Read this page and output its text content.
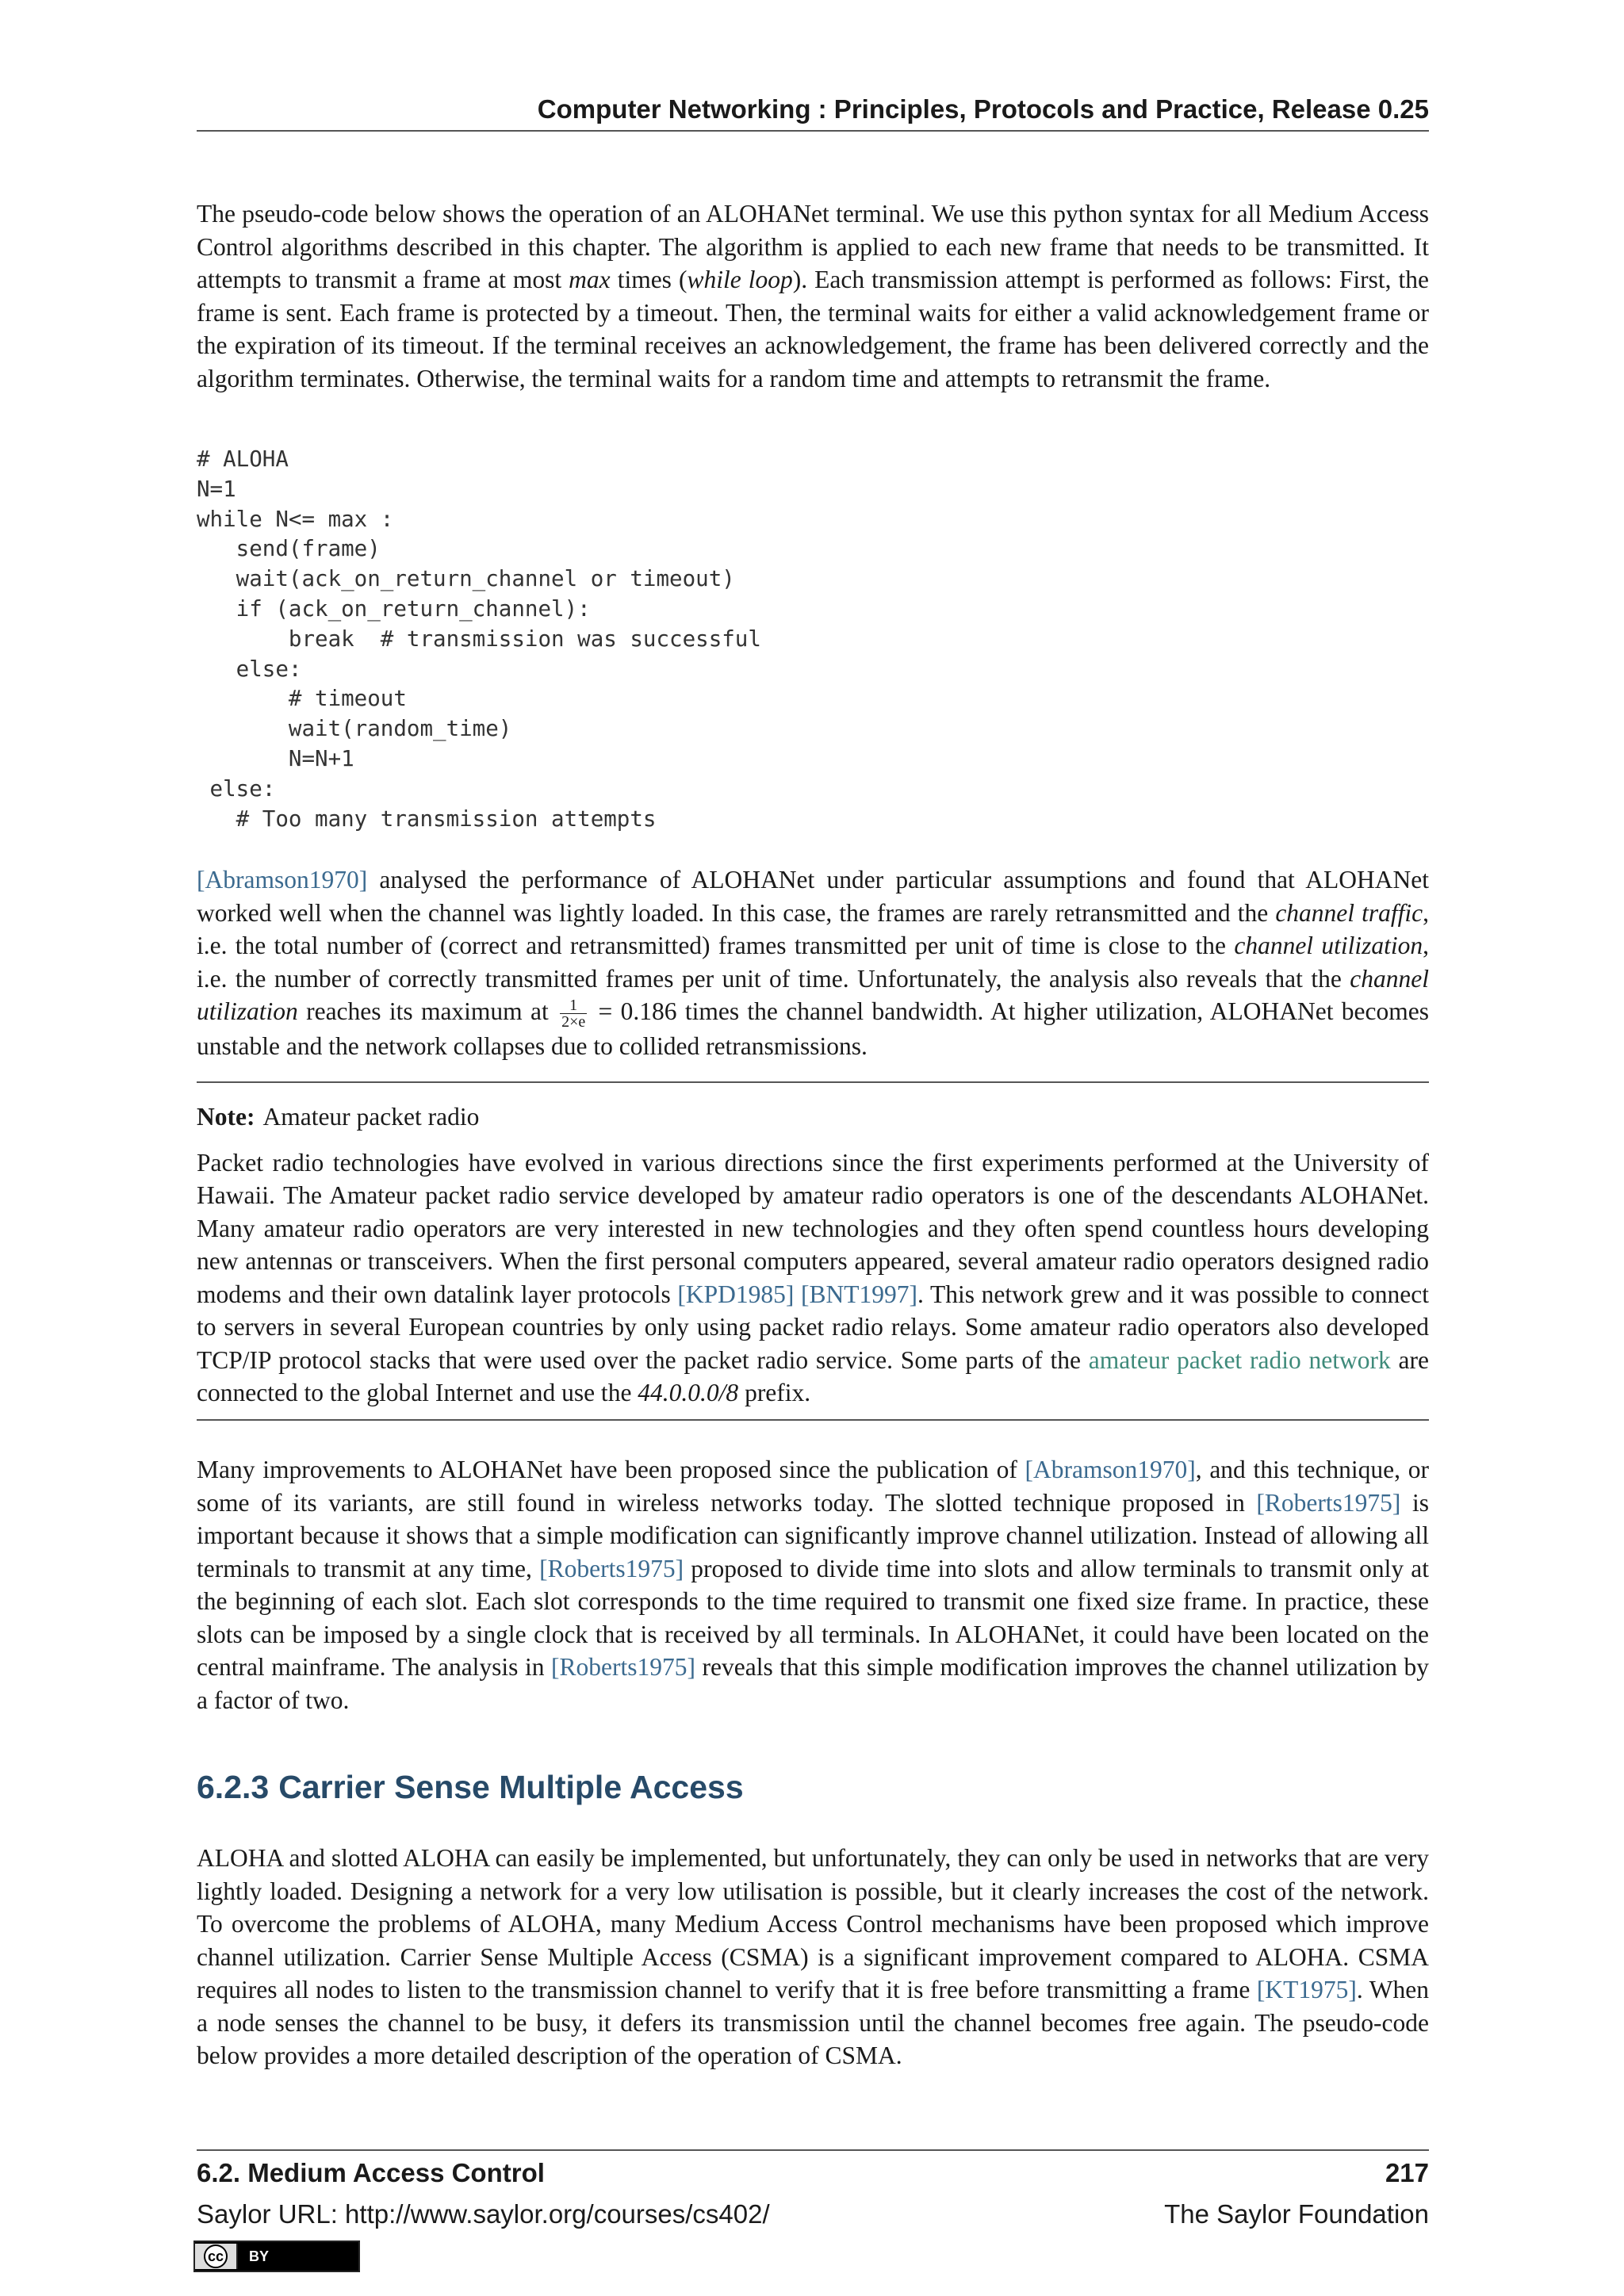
Computer Networking : Principles, Protocols and Practice, Release 0.25

The pseudo-code below shows the operation of an ALOHANet terminal. We use this python syntax for all Medium Access Control algorithms described in this chapter. The algorithm is applied to each new frame that needs to be transmitted. It attempts to transmit a frame at most max times (while loop). Each transmission attempt is performed as follows: First, the frame is sent. Each frame is protected by a timeout. Then, the terminal waits for either a valid acknowledgement frame or the expiration of its timeout. If the terminal receives an acknowledgement, the frame has been delivered correctly and the algorithm terminates. Otherwise, the terminal waits for a random time and attempts to retransmit the frame.

# ALOHA
N=1
while N<= max :
send(frame)
wait(ack_on_return_channel or timeout)
if (ack_on_return_channel):
break  # transmission was successful
else:
# timeout
wait(random_time)
N=N+1
else:
# Too many transmission attempts

[Abramson1970] analysed the performance of ALOHANet under particular assumptions and found that ALOHANet worked well when the channel was lightly loaded. In this case, the frames are rarely retransmitted and the channel traffic, i.e. the total number of (correct and retransmitted) frames transmitted per unit of time is close to the channel utilization, i.e. the number of correctly transmitted frames per unit of time. Unfortunately, the analysis also reveals that the channel utilization reaches its maximum at $\frac{1}{2\times e} = 0.186$ times the channel bandwidth. At higher utilization, ALOHANet becomes unstable and the network collapses due to collided retransmissions.

Note: Amateur packet radio

Packet radio technologies have evolved in various directions since the first experiments performed at the University of Hawaii. The Amateur packet radio service developed by amateur radio operators is one of the descendants ALOHANet. Many amateur radio operators are very interested in new technologies and they often spend countless hours developing new antennas or transceivers. When the first personal computers appeared, several amateur radio operators designed radio modems and their own datalink layer protocols [KPD1985] [BNT1997]. This network grew and it was possible to connect to servers in several European countries by only using packet radio relays. Some amateur radio operators also developed TCP/IP protocol stacks that were used over the packet radio service. Some parts of the amateur packet radio network are connected to the global Internet and use the 44.0.0.0/8 prefix.

Many improvements to ALOHANet have been proposed since the publication of [Abramson1970], and this technique, or some of its variants, are still found in wireless networks today. The slotted technique proposed in [Roberts1975] is important because it shows that a simple modification can significantly improve channel utilization. Instead of allowing all terminals to transmit at any time, [Roberts1975] proposed to divide time into slots and allow terminals to transmit only at the beginning of each slot. Each slot corresponds to the time required to transmit one fixed size frame. In practice, these slots can be imposed by a single clock that is received by all terminals. In ALOHANet, it could have been located on the central mainframe. The analysis in [Roberts1975] reveals that this simple modification improves the channel utilization by a factor of two.

6.2.3 Carrier Sense Multiple Access

ALOHA and slotted ALOHA can easily be implemented, but unfortunately, they can only be used in networks that are very lightly loaded. Designing a network for a very low utilisation is possible, but it clearly increases the cost of the network. To overcome the problems of ALOHA, many Medium Access Control mechanisms have been proposed which improve channel utilization. Carrier Sense Multiple Access (CSMA) is a significant improvement compared to ALOHA. CSMA requires all nodes to listen to the transmission channel to verify that it is free before transmitting a frame [KT1975]. When a node senses the channel to be busy, it defers its transmission until the channel becomes free again. The pseudo-code below provides a more detailed description of the operation of CSMA.

6.2. Medium Access Control	217
Saylor URL: http://www.saylor.org/courses/cs402/	The Saylor Foundation
cc BY
